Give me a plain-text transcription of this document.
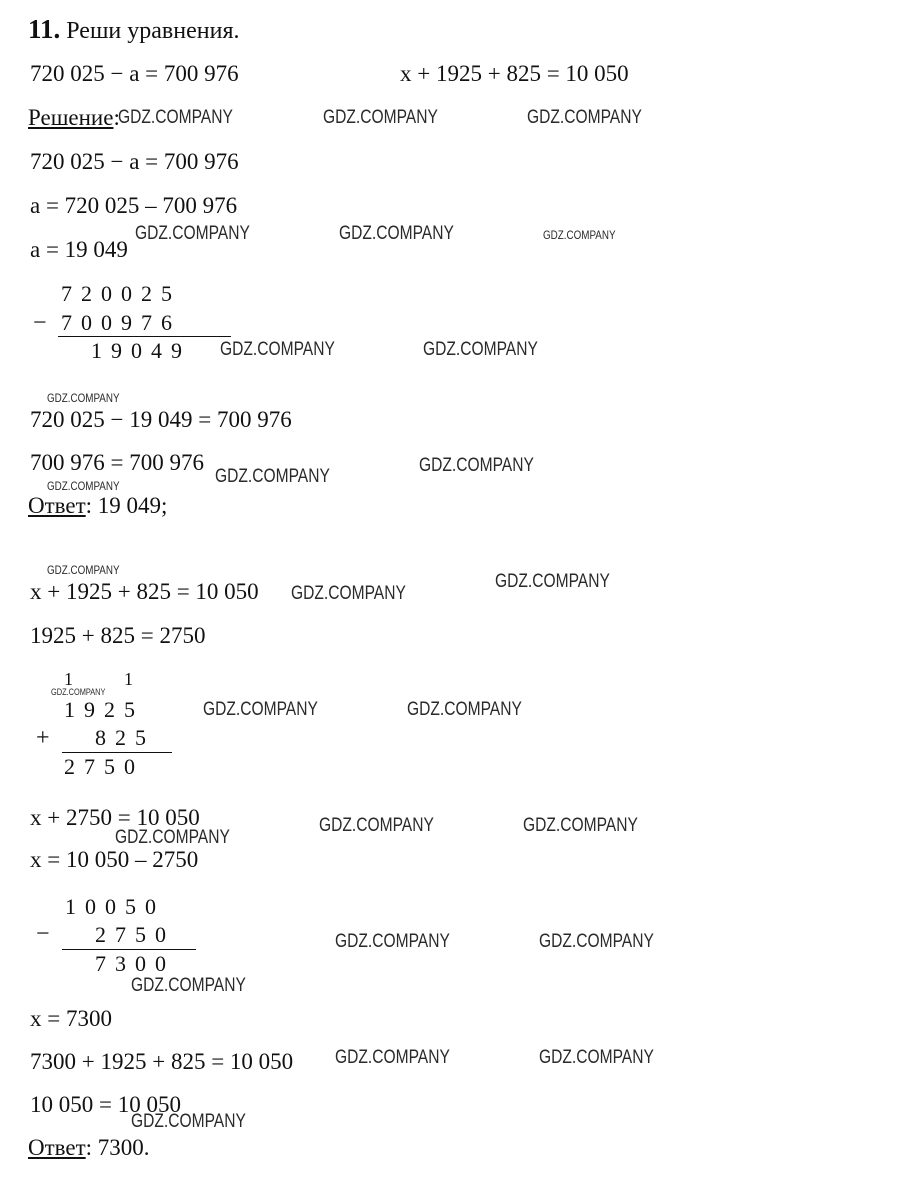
11. Реши уравнения.
720 025 − a = 700 976	x + 1925 + 825 = 10 050
Решение:
720 025 − a = 700 976
a = 720 025 – 700 976
a = 19 049
720025
− 700976
19049
720 025 − 19 049 = 700 976
700 976 = 700 976
Ответ: 19 049;
x + 1925 + 825 = 10 050
1925 + 825 = 2750
1	1
1925
+ 825
2750
x + 2750 = 10 050
x = 10 050 – 2750
10050
− 2750
7300
x = 7300
7300 + 1925 + 825 = 10 050
10 050 = 10 050
Ответ: 7300.
GDZ.COMPANY	GDZ.COMPANY	GDZ.COMPANY
GDZ.COMPANY	GDZ.COMPANY	GDZ.COMPANY
GDZ.COMPANY	GDZ.COMPANY
GDZ.COMPANY
GDZ.COMPANY
GDZ.COMPANY
GDZ.COMPANY
GDZ.COMPANY
GDZ.COMPANY
GDZ.COMPANY
GDZ.COMPANY
GDZ.COMPANY	GDZ.COMPANY
GDZ.COMPANY	GDZ.COMPANY
GDZ.COMPANY
GDZ.COMPANY	GDZ.COMPANY
GDZ.COMPANY
GDZ.COMPANY	GDZ.COMPANY
GDZ.COMPANY
